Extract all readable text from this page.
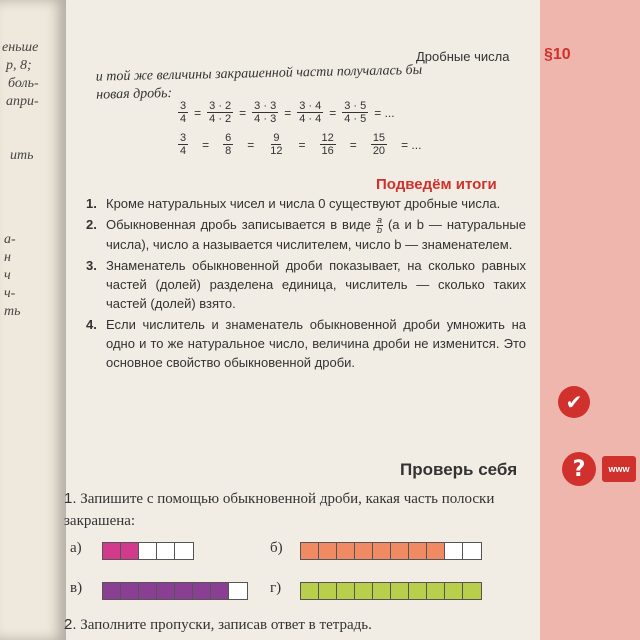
еньше
р, 8;
боль-
апри-
ить
а-
н
ч
ч-
ть
Дробные числа §10
и той же величины закрашенной части получалась бы
новая дробь:
$\frac{3}{4} = \frac{3 \cdot 2}{4 \cdot 2} = \frac{3 \cdot 3}{4 \cdot 3} = \frac{3 \cdot 4}{4 \cdot 4} = \frac{3 \cdot 5}{4 \cdot 5}$ = ...
$\frac{3}{4} = \frac{6}{8} = \frac{9}{12} = \frac{12}{16} = \frac{15}{20}$ = ...
Подведём итоги
1. Кроме натуральных чисел и числа 0 существуют дробные числа.
2. Обыкновенная дробь записывается в виде $\frac{a}{b} (a$ и b — натуральные числа), число a называется числителем, число b — знаменателем.
3. Знаменатель обыкновенной дроби показывает, на сколько равных частей (долей) разделена единица, числитель — сколько таких частей (долей) взято.
4. Если числитель и знаменатель обыкновенной дроби умножить на одно и то же натуральное число, величина дроби не изменится. Это основное свойство обыкновенной дроби.
✔
Проверь себя	?	www
1. Запишите с помощью обыкновенной дроби, какая часть полоски закрашена:
а)	б)
в)	г)
2. Заполните пропуски, записав ответ в тетрадь.
